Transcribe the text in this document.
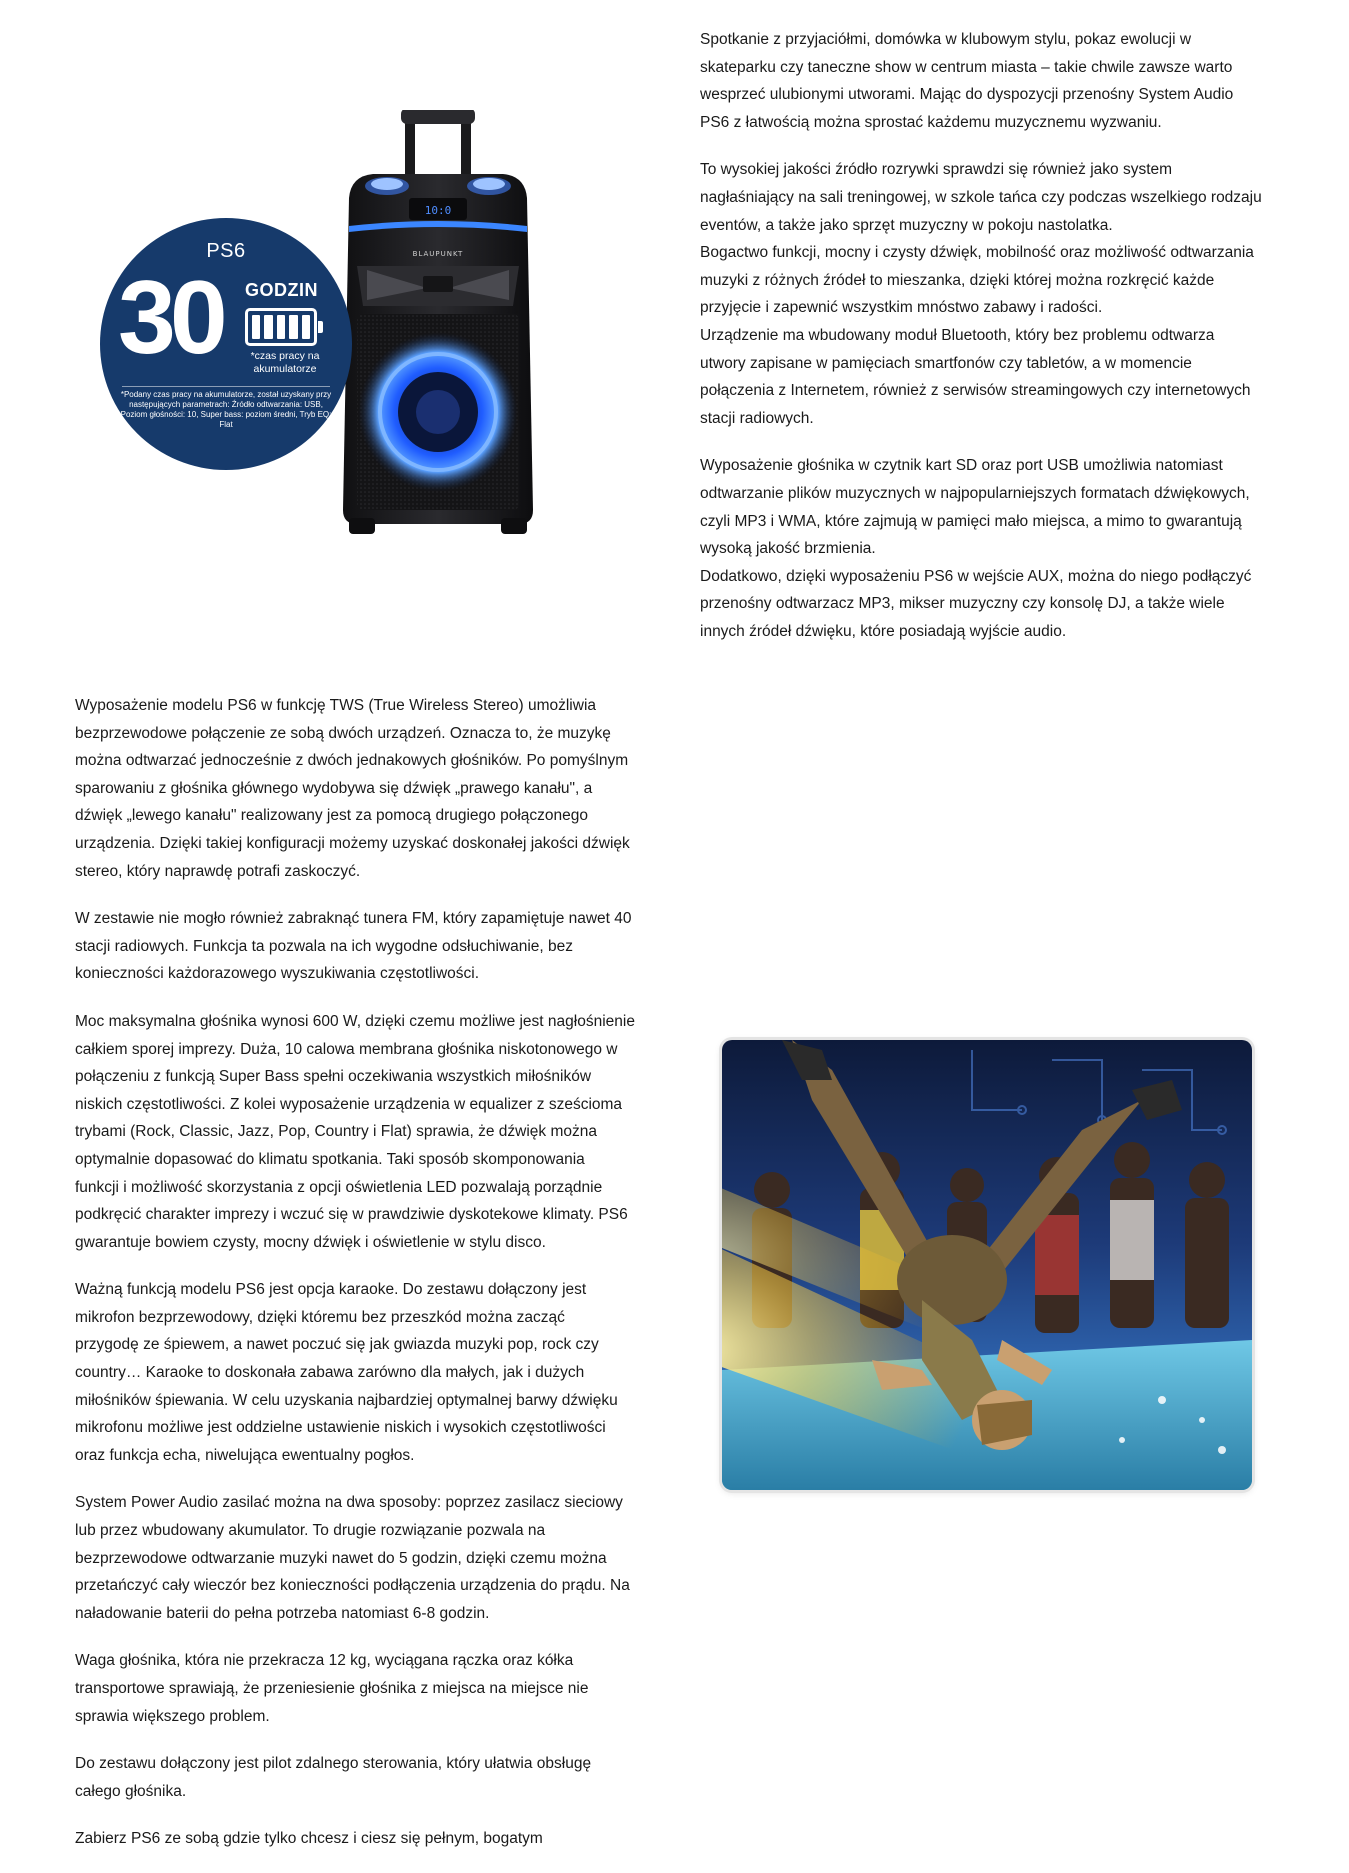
PS6
30 GODZIN
*czas pracy na akumulatorze
*Podany czas pracy na akumulatorze, został uzyskany przy następujących parametrach: Źródło odtwarzania: USB, Poziom głośności: 10, Super bass: poziom średni, Tryb EQ: Flat
10:0
BLAUPUNKT

Spotkanie z przyjaciółmi, domówka w klubowym stylu, pokaz ewolucji w
skateparku czy taneczne show w centrum miasta – takie chwile zawsze warto
wesprzeć ulubionymi utworami. Mając do dyspozycji przenośny System Audio
PS6 z łatwością można sprostać każdemu muzycznemu wyzwaniu.

To wysokiej jakości źródło rozrywki sprawdzi się również jako system
nagłaśniający na sali treningowej, w szkole tańca czy podczas wszelkiego rodzaju
eventów, a także jako sprzęt muzyczny w pokoju nastolatka.
Bogactwo funkcji, mocny i czysty dźwięk, mobilność oraz możliwość odtwarzania
muzyki z różnych źródeł to mieszanka, dzięki której można rozkręcić każde
przyjęcie i zapewnić wszystkim mnóstwo zabawy i radości.
Urządzenie ma wbudowany moduł Bluetooth, który bez problemu odtwarza
utwory zapisane w pamięciach smartfonów czy tabletów, a w momencie
połączenia z Internetem, również z serwisów streamingowych czy internetowych
stacji radiowych.

Wyposażenie głośnika w czytnik kart SD oraz port USB umożliwia natomiast
odtwarzanie plików muzycznych w najpopularniejszych formatach dźwiękowych,
czyli MP3 i WMA, które zajmują w pamięci mało miejsca, a mimo to gwarantują
wysoką jakość brzmienia.
Dodatkowo, dzięki wyposażeniu PS6 w wejście AUX, można do niego podłączyć
przenośny odtwarzacz MP3, mikser muzyczny czy konsolę DJ, a także wiele
innych źródeł dźwięku, które posiadają wyjście audio.

Wyposażenie modelu PS6 w funkcję TWS (True Wireless Stereo) umożliwia
bezprzewodowe połączenie ze sobą dwóch urządzeń. Oznacza to, że muzykę
można odtwarzać jednocześnie z dwóch jednakowych głośników. Po pomyślnym
sparowaniu z głośnika głównego wydobywa się dźwięk „prawego kanału", a
dźwięk „lewego kanału" realizowany jest za pomocą drugiego połączonego
urządzenia. Dzięki takiej konfiguracji możemy uzyskać doskonałej jakości dźwięk
stereo, który naprawdę potrafi zaskoczyć.

W zestawie nie mogło również zabraknąć tunera FM, który zapamiętuje nawet 40
stacji radiowych. Funkcja ta pozwala na ich wygodne odsłuchiwanie, bez
konieczności każdorazowego wyszukiwania częstotliwości.

Moc maksymalna głośnika wynosi 600 W, dzięki czemu możliwe jest nagłośnienie
całkiem sporej imprezy. Duża, 10 calowa membrana głośnika niskotonowego w
połączeniu z funkcją Super Bass spełni oczekiwania wszystkich miłośników
niskich częstotliwości. Z kolei wyposażenie urządzenia w equalizer z sześcioma
trybami (Rock, Classic, Jazz, Pop, Country i Flat) sprawia, że dźwięk można
optymalnie dopasować do klimatu spotkania. Taki sposób skomponowania
funkcji i możliwość skorzystania z opcji oświetlenia LED pozwalają porządnie
podkręcić charakter imprezy i wczuć się w prawdziwie dyskotekowe klimaty. PS6
gwarantuje bowiem czysty, mocny dźwięk i oświetlenie w stylu disco.

Ważną funkcją modelu PS6 jest opcja karaoke. Do zestawu dołączony jest
mikrofon bezprzewodowy, dzięki któremu bez przeszkód można zacząć
przygodę ze śpiewem, a nawet poczuć się jak gwiazda muzyki pop, rock czy
country… Karaoke to doskonała zabawa zarówno dla małych, jak i dużych
miłośników śpiewania. W celu uzyskania najbardziej optymalnej barwy dźwięku
mikrofonu możliwe jest oddzielne ustawienie niskich i wysokich częstotliwości
oraz funkcja echa, niwelująca ewentualny pogłos.

System Power Audio zasilać można na dwa sposoby: poprzez zasilacz sieciowy
lub przez wbudowany akumulator. To drugie rozwiązanie pozwala na
bezprzewodowe odtwarzanie muzyki nawet do 5 godzin, dzięki czemu można
przetańczyć cały wieczór bez konieczności podłączenia urządzenia do prądu. Na
naładowanie baterii do pełna potrzeba natomiast 6-8 godzin.

Waga głośnika, która nie przekracza 12 kg, wyciągana rączka oraz kółka
transportowe sprawiają, że przeniesienie głośnika z miejsca na miejsce nie
sprawia większego problem.

Do zestawu dołączony jest pilot zdalnego sterowania, który ułatwia obsługę
całego głośnika.

Zabierz PS6 ze sobą gdzie tylko chcesz i ciesz się pełnym, bogatym
